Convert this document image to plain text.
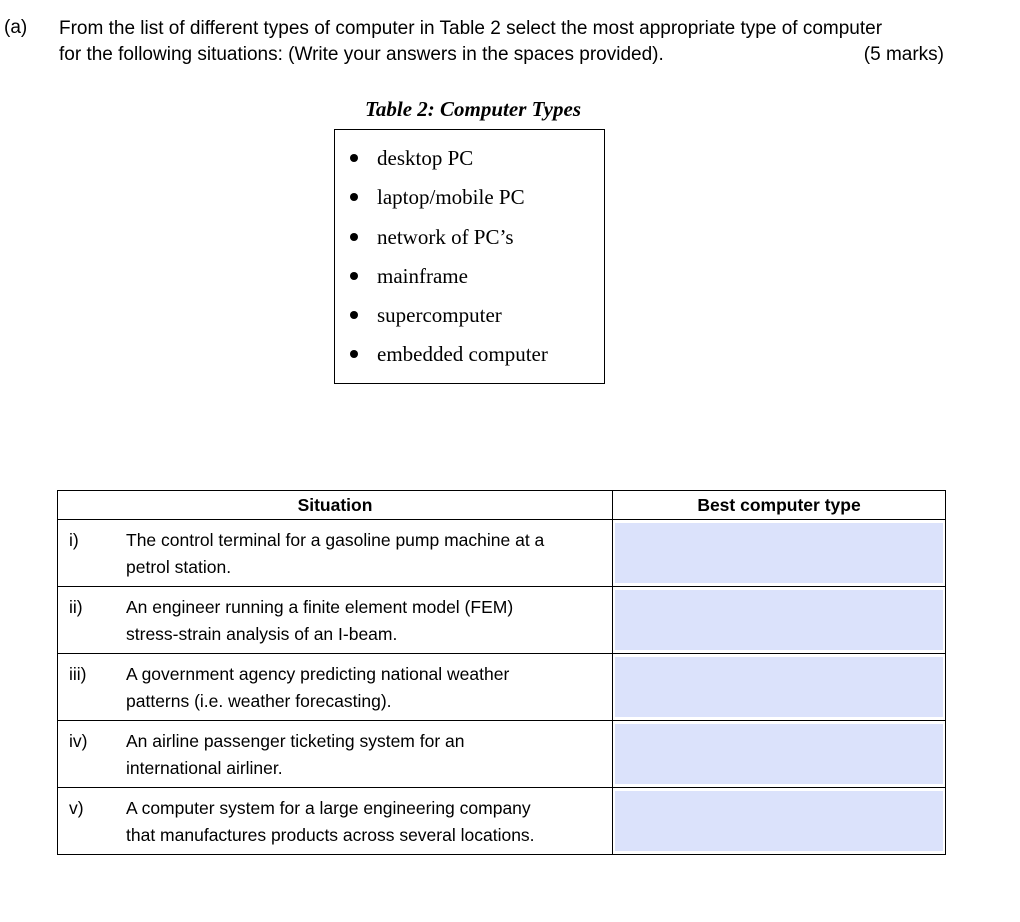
(a) From the list of different types of computer in Table 2 select the most appropriate type of computer
for the following situations: (Write your answers in the spaces provided).	(5 marks)
Table 2: Computer Types
desktop PC
laptop/mobile PC
network of PC’s
mainframe
supercomputer
embedded computer
Situation	Best computer type

i) The control terminal for a gasoline pump machine at a
petrol station.

ii) An engineer running a finite element model (FEM)
stress-strain analysis of an I-beam.

iii) A government agency predicting national weather
patterns (i.e. weather forecasting).

iv) An airline passenger ticketing system for an
international airliner.

v) A computer system for a large engineering company
that manufactures products across several locations.
